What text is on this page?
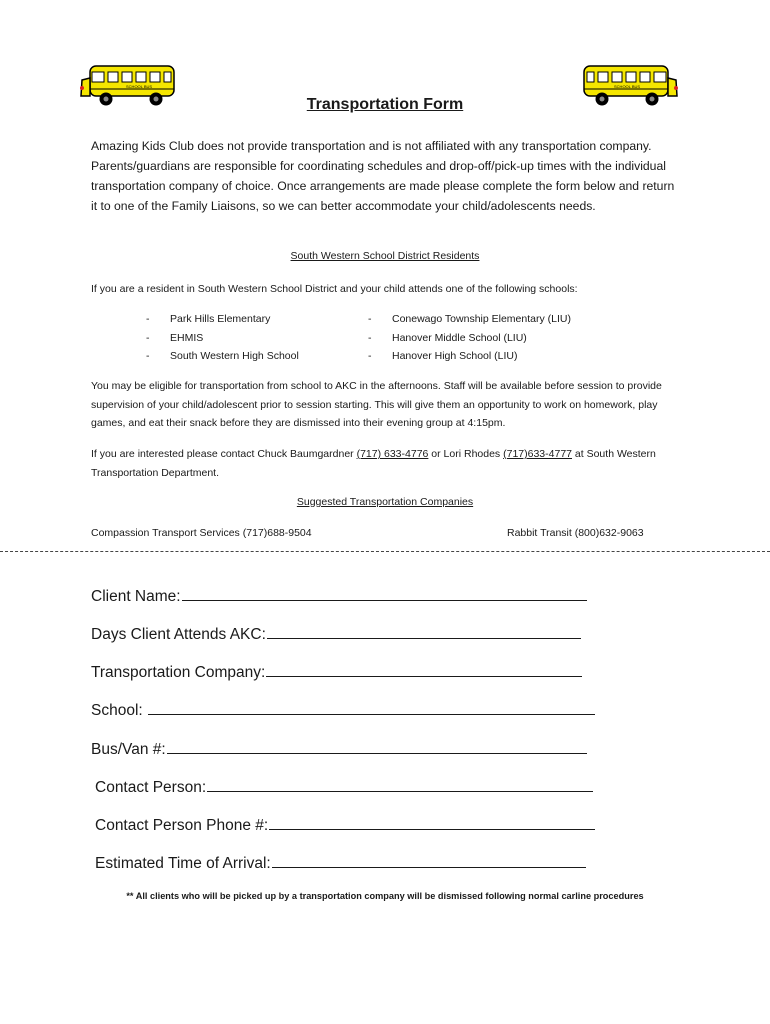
SCHOOL BUS	SCHOOL BUS
Transportation Form
Amazing Kids Club does not provide transportation and is not affiliated with any transportation company. Parents/guardians are responsible for coordinating schedules and drop-off/pick-up times with the individual transportation company of choice. Once arrangements are made please complete the form below and return it to one of the Family Liaisons, so we can better accommodate your child/adolescents needs.
South Western School District Residents
If you are a resident in South Western School District and your child attends one of the following schools:
- Park Hills Elementary
- EHMIS
- South Western High School
- Conewago Township Elementary (LIU)
- Hanover Middle School (LIU)
- Hanover High School (LIU)
You may be eligible for transportation from school to AKC in the afternoons. Staff will be available before session to provide supervision of your child/adolescent prior to session starting. This will give them an opportunity to work on homework, play games, and eat their snack before they are dismissed into their evening group at 4:15pm.
If you are interested please contact Chuck Baumgardner (717) 633-4776 or Lori Rhodes (717)633-4777 at South Western Transportation Department.
Suggested Transportation Companies
Compassion Transport Services (717)688-9504	Rabbit Transit (800)632-9063
Client Name:
Days Client Attends AKC:
Transportation Company:
School:
Bus/Van #:
Contact Person:
Contact Person Phone #:
Estimated Time of Arrival:
** All clients who will be picked up by a transportation company will be dismissed following normal carline procedures
